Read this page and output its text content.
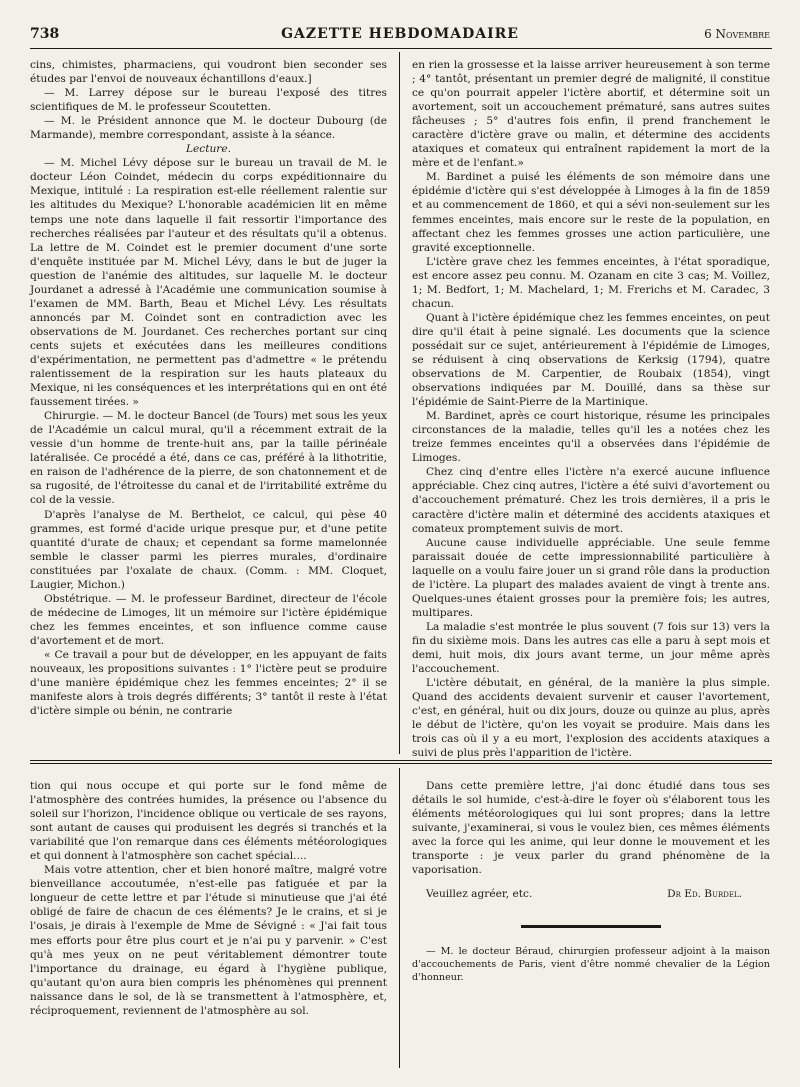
738	GAZETTE HEBDOMADAIRE	6 Novembre

cins, chimistes, pharmaciens, qui voudront bien seconder ses études par l'envoi de nouveaux échantillons d'eaux.]

— M. Larrey dépose sur le bureau l'exposé des titres scientifiques de M. le professeur Scoutetten.

— M. le Président annonce que M. le docteur Dubourg (de Marmande), membre correspondant, assiste à la séance.

Lecture.

— M. Michel Lévy dépose sur le bureau un travail de M. le docteur Léon Coindet, médecin du corps expéditionnaire du Mexique, intitulé : La respiration est-elle réellement ralentie sur les altitudes du Mexique? L'honorable académicien lit en même temps une note dans laquelle il fait ressortir l'importance des recherches réalisées par l'auteur et des résultats qu'il a obtenus. La lettre de M. Coindet est le premier document d'une sorte d'enquête instituée par M. Michel Lévy, dans le but de juger la question de l'anémie des altitudes, sur laquelle M. le docteur Jourdanet a adressé à l'Académie une communication soumise à l'examen de MM. Barth, Beau et Michel Lévy. Les résultats annoncés par M. Coindet sont en contradiction avec les observations de M. Jourdanet. Ces recherches portant sur cinq cents sujets et exécutées dans les meilleures conditions d'expérimentation, ne permettent pas d'admettre « le prétendu ralentissement de la respiration sur les hauts plateaux du Mexique, ni les conséquences et les interprétations qui en ont été faussement tirées. »

Chirurgie. — M. le docteur Bancel (de Tours) met sous les yeux de l'Académie un calcul mural, qu'il a récemment extrait de la vessie d'un homme de trente-huit ans, par la taille périnéale latéralisée. Ce procédé a été, dans ce cas, préféré à la lithotritie, en raison de l'adhérence de la pierre, de son chatonnement et de sa rugosité, de l'étroitesse du canal et de l'irritabilité extrême du col de la vessie.

D'après l'analyse de M. Berthelot, ce calcul, qui pèse 40 grammes, est formé d'acide urique presque pur, et d'une petite quantité d'urate de chaux; et cependant sa forme mamelonnée semble le classer parmi les pierres murales, d'ordinaire constituées par l'oxalate de chaux. (Comm. : MM. Cloquet, Laugier, Michon.)

Obstétrique. — M. le professeur Bardinet, directeur de l'école de médecine de Limoges, lit un mémoire sur l'ictère épidémique chez les femmes enceintes, et son influence comme cause d'avortement et de mort.

« Ce travail a pour but de développer, en les appuyant de faits nouveaux, les propositions suivantes : 1° l'ictère peut se produire d'une manière épidémique chez les femmes enceintes; 2° il se manifeste alors à trois degrés différents; 3° tantôt il reste à l'état d'ictère simple ou bénin, ne contrarie

en rien la grossesse et la laisse arriver heureusement à son terme ; 4° tantôt, présentant un premier degré de malignité, il constitue ce qu'on pourrait appeler l'ictère abortif, et détermine soit un avortement, soit un accouchement prématuré, sans autres suites fâcheuses ; 5° d'autres fois enfin, il prend franchement le caractère d'ictère grave ou malin, et détermine des accidents ataxiques et comateux qui entraînent rapidement la mort de la mère et de l'enfant.»

M. Bardinet a puisé les éléments de son mémoire dans une épidémie d'ictère qui s'est développée à Limoges à la fin de 1859 et au commencement de 1860, et qui a sévi non-seulement sur les femmes enceintes, mais encore sur le reste de la population, en affectant chez les femmes grosses une action particulière, une gravité exceptionnelle.

L'ictère grave chez les femmes enceintes, à l'état sporadique, est encore assez peu connu. M. Ozanam en cite 3 cas; M. Voillez, 1; M. Bedfort, 1; M. Machelard, 1; M. Frerichs et M. Caradec, 3 chacun.

Quant à l'ictère épidémique chez les femmes enceintes, on peut dire qu'il était à peine signalé. Les documents que la science possédait sur ce sujet, antérieurement à l'épidémie de Limoges, se réduisent à cinq observations de Kerksig (1794), quatre observations de M. Carpentier, de Roubaix (1854), vingt observations indiquées par M. Douillé, dans sa thèse sur l'épidémie de Saint-Pierre de la Martinique.

M. Bardinet, après ce court historique, résume les principales circonstances de la maladie, telles qu'il les a notées chez les treize femmes enceintes qu'il a observées dans l'épidémie de Limoges.

Chez cinq d'entre elles l'ictère n'a exercé aucune influence appréciable. Chez cinq autres, l'ictère a été suivi d'avortement ou d'accouchement prématuré. Chez les trois dernières, il a pris le caractère d'ictère malin et déterminé des accidents ataxiques et comateux promptement suivis de mort.

Aucune cause individuelle appréciable. Une seule femme paraissait douée de cette impressionnabilité particulière à laquelle on a voulu faire jouer un si grand rôle dans la production de l'ictère. La plupart des malades avaient de vingt à trente ans. Quelques-unes étaient grosses pour la première fois; les autres, multipares.

La maladie s'est montrée le plus souvent (7 fois sur 13) vers la fin du sixième mois. Dans les autres cas elle a paru à sept mois et demi, huit mois, dix jours avant terme, un jour même après l'accouchement.

L'ictère débutait, en général, de la manière la plus simple. Quand des accidents devaient survenir et causer l'avortement, c'est, en général, huit ou dix jours, douze ou quinze au plus, après le début de l'ictère, qu'on les voyait se produire. Mais dans les trois cas où il y a eu mort, l'explosion des accidents ataxiques a suivi de plus près l'apparition de l'ictère.

tion qui nous occupe et qui porte sur le fond même de l'atmosphère des contrées humides, la présence ou l'absence du soleil sur l'horizon, l'incidence oblique ou verticale de ses rayons, sont autant de causes qui produisent les degrés si tranchés et la variabilité que l'on remarque dans ces éléments météorologiques et qui donnent à l'atmosphère son cachet spécial....

Mais votre attention, cher et bien honoré maître, malgré votre bienveillance accoutumée, n'est-elle pas fatiguée et par la longueur de cette lettre et par l'étude si minutieuse que j'ai été obligé de faire de chacun de ces éléments? Je le crains, et si je l'osais, je dirais à l'exemple de Mme de Sévigné : « J'ai fait tous mes efforts pour être plus court et je n'ai pu y parvenir. » C'est qu'à mes yeux on ne peut véritablement démontrer toute l'importance du drainage, eu égard à l'hygiène publique, qu'autant qu'on aura bien compris les phénomènes qui prennent naissance dans le sol, de là se transmettent à l'atmosphère, et, réciproquement, reviennent de l'atmosphère au sol.

Dans cette première lettre, j'ai donc étudié dans tous ses détails le sol humide, c'est-à-dire le foyer où s'élaborent tous les éléments météorologiques qui lui sont propres; dans la lettre suivante, j'examinerai, si vous le voulez bien, ces mêmes éléments avec la force qui les anime, qui leur donne le mouvement et les transporte : je veux parler du grand phénomène de la vaporisation.

Veuillez agréer, etc.	Dr Ed. Burdel.

— M. le docteur Béraud, chirurgien professeur adjoint à la maison d'accouchements de Paris, vient d'être nommé chevalier de la Légion d'honneur.
